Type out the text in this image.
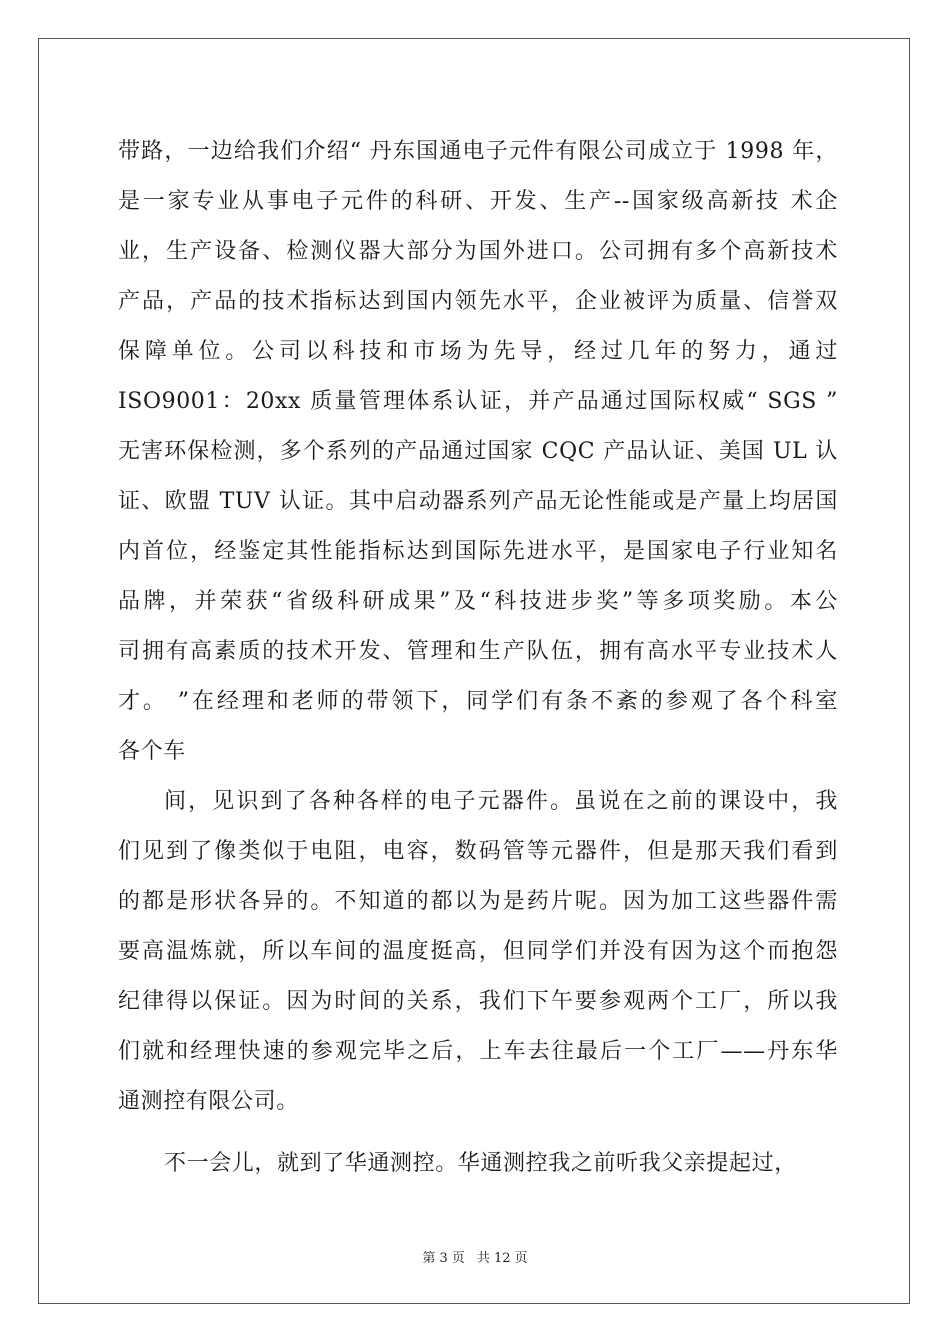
带路，一边给我们介绍“ 丹东国通电子元件有限公司成立于 1998 年，
是一家专业从事电子元件的科研、开发、生产--国家级高新技 术企
业，生产设备、检测仪器大部分为国外进口。公司拥有多个高新技术
产品，产品的技术指标达到国内领先水平，企业被评为质量、信誉双
保障单位。公司以科技和市场为先导，经过几年的努力，通过
ISO9001：20xx 质量管理体系认证，并产品通过国际权威“ SGS ”
无害环保检测，多个系列的产品通过国家 CQC 产品认证、美国 UL 认
证、欧盟 TUV 认证。其中启动器系列产品无论性能或是产量上均居国
内首位，经鉴定其性能指标达到国际先进水平，是国家电子行业知名
品牌，并荣获“省级科研成果”及“科技进步奖”等多项奖励。本公
司拥有高素质的技术开发、管理和生产队伍，拥有高水平专业技术人
才。 ”在经理和老师的带领下，同学们有条不紊的参观了各个科室
各个车
间，见识到了各种各样的电子元器件。虽说在之前的课设中，我
们见到了像类似于电阻，电容，数码管等元器件，但是那天我们看到
的都是形状各异的。不知道的都以为是药片呢。因为加工这些器件需
要高温炼就，所以车间的温度挺高，但同学们并没有因为这个而抱怨
纪律得以保证。因为时间的关系，我们下午要参观两个工厂，所以我
们就和经理快速的参观完毕之后，上车去往最后一个工厂——丹东华
通测控有限公司。
不一会儿，就到了华通测控。华通测控我之前听我父亲提起过，
第 3 页 共 12 页
